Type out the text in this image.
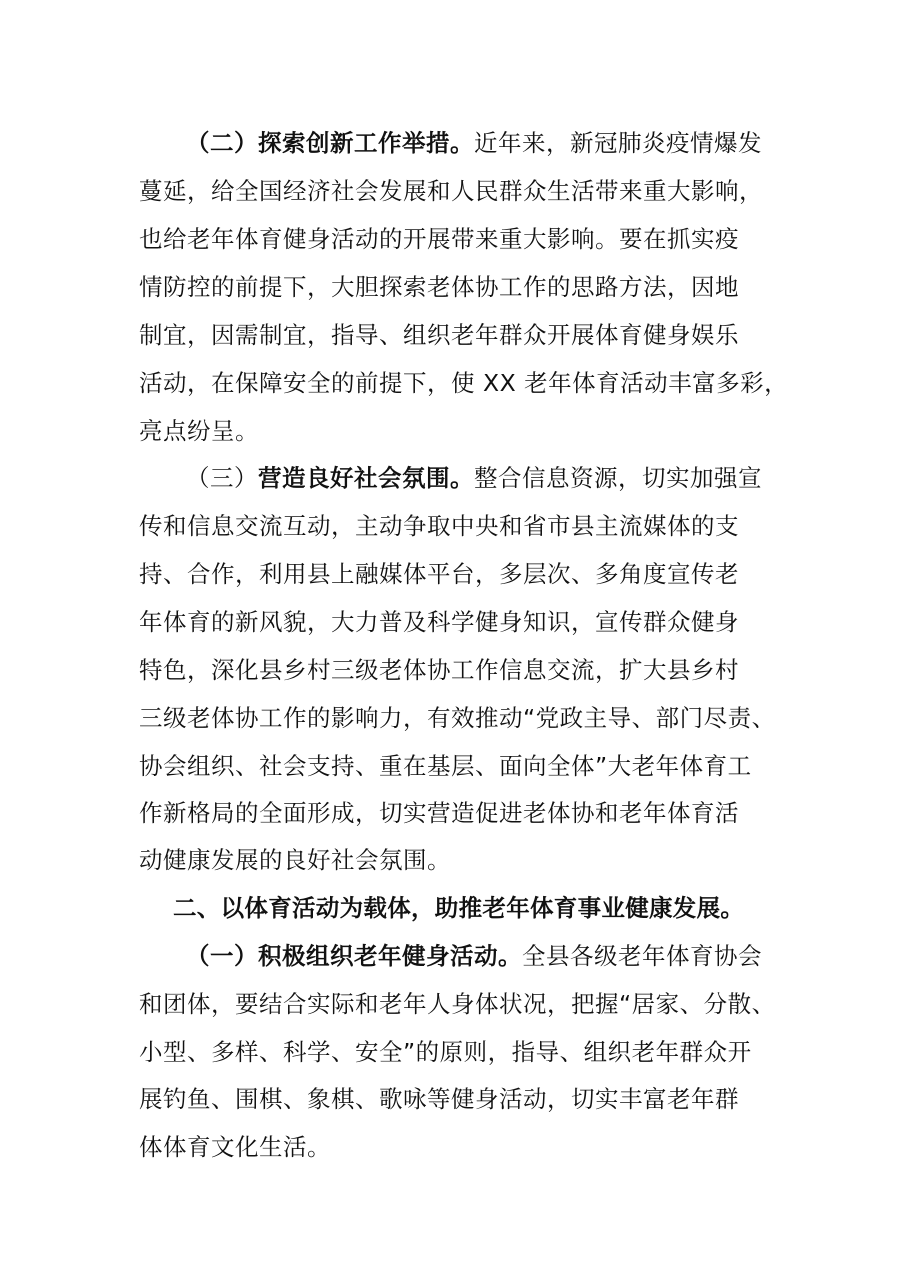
（二）探索创新工作举措。近年来，新冠肺炎疫情爆发
蔓延，给全国经济社会发展和人民群众生活带来重大影响，
也给老年体育健身活动的开展带来重大影响。要在抓实疫
情防控的前提下，大胆探索老体协工作的思路方法，因地
制宜，因需制宜，指导、组织老年群众开展体育健身娱乐
活动，在保障安全的前提下，使 XX 老年体育活动丰富多彩，
亮点纷呈。
（三）营造良好社会氛围。整合信息资源，切实加强宣
传和信息交流互动，主动争取中央和省市县主流媒体的支
持、合作，利用县上融媒体平台，多层次、多角度宣传老
年体育的新风貌，大力普及科学健身知识，宣传群众健身
特色，深化县乡村三级老体协工作信息交流，扩大县乡村
三级老体协工作的影响力，有效推动“党政主导、部门尽责、
协会组织、社会支持、重在基层、面向全体”大老年体育工
作新格局的全面形成，切实营造促进老体协和老年体育活
动健康发展的良好社会氛围。
二、以体育活动为载体，助推老年体育事业健康发展。
（一）积极组织老年健身活动。全县各级老年体育协会
和团体，要结合实际和老年人身体状况，把握“居家、分散、
小型、多样、科学、安全”的原则，指导、组织老年群众开
展钓鱼、围棋、象棋、歌咏等健身活动，切实丰富老年群
体体育文化生活。
